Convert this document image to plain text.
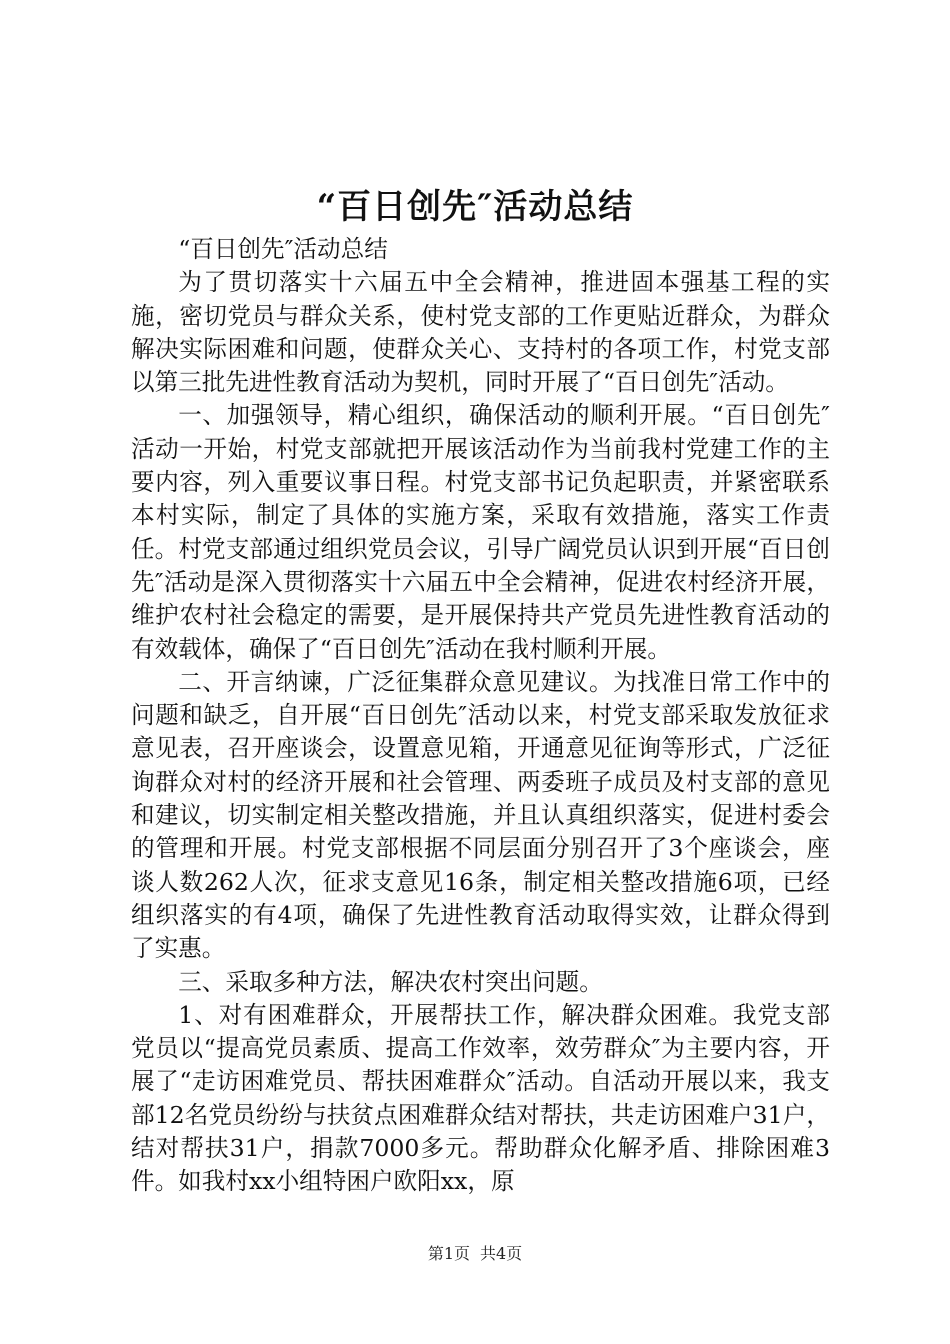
“百日创先″活动总结

“百日创先″活动总结

为了贯切落实十六届五中全会精神，推进固本强基工程的实施，密切党员与群众关系，使村党支部的工作更贴近群众，为群众解决实际困难和问题，使群众关心、支持村的各项工作，村党支部以第三批先进性教育活动为契机，同时开展了“百日创先″活动。

一、加强领导，精心组织，确保活动的顺利开展。“百日创先″活动一开始，村党支部就把开展该活动作为当前我村党建工作的主要内容，列入重要议事日程。村党支部书记负起职责，并紧密联系本村实际，制定了具体的实施方案，采取有效措施，落实工作责任。村党支部通过组织党员会议，引导广阔党员认识到开展“百日创先″活动是深入贯彻落实十六届五中全会精神，促进农村经济开展，维护农村社会稳定的需要，是开展保持共产党员先进性教育活动的有效载体，确保了“百日创先″活动在我村顺利开展。

二、开言纳谏，广泛征集群众意见建议。为找准日常工作中的问题和缺乏，自开展“百日创先″活动以来，村党支部采取发放征求意见表，召开座谈会，设置意见箱，开通意见征询等形式，广泛征询群众对村的经济开展和社会管理、两委班子成员及村支部的意见和建议，切实制定相关整改措施，并且认真组织落实，促进村委会的管理和开展。村党支部根据不同层面分别召开了3个座谈会，座谈人数262人次，征求支意见16条，制定相关整改措施6项，已经组织落实的有4项，确保了先进性教育活动取得实效，让群众得到了实惠。

三、采取多种方法，解决农村突出问题。

1、对有困难群众，开展帮扶工作，解决群众困难。我党支部党员以“提高党员素质、提高工作效率，效劳群众″为主要内容，开展了“走访困难党员、帮扶困难群众″活动。自活动开展以来，我支部12名党员纷纷与扶贫点困难群众结对帮扶，共走访困难户31户，结对帮扶31户，捐款7000多元。帮助群众化解矛盾、排除困难3件。如我村xx小组特困户欧阳xx，原

第1页 共4页
